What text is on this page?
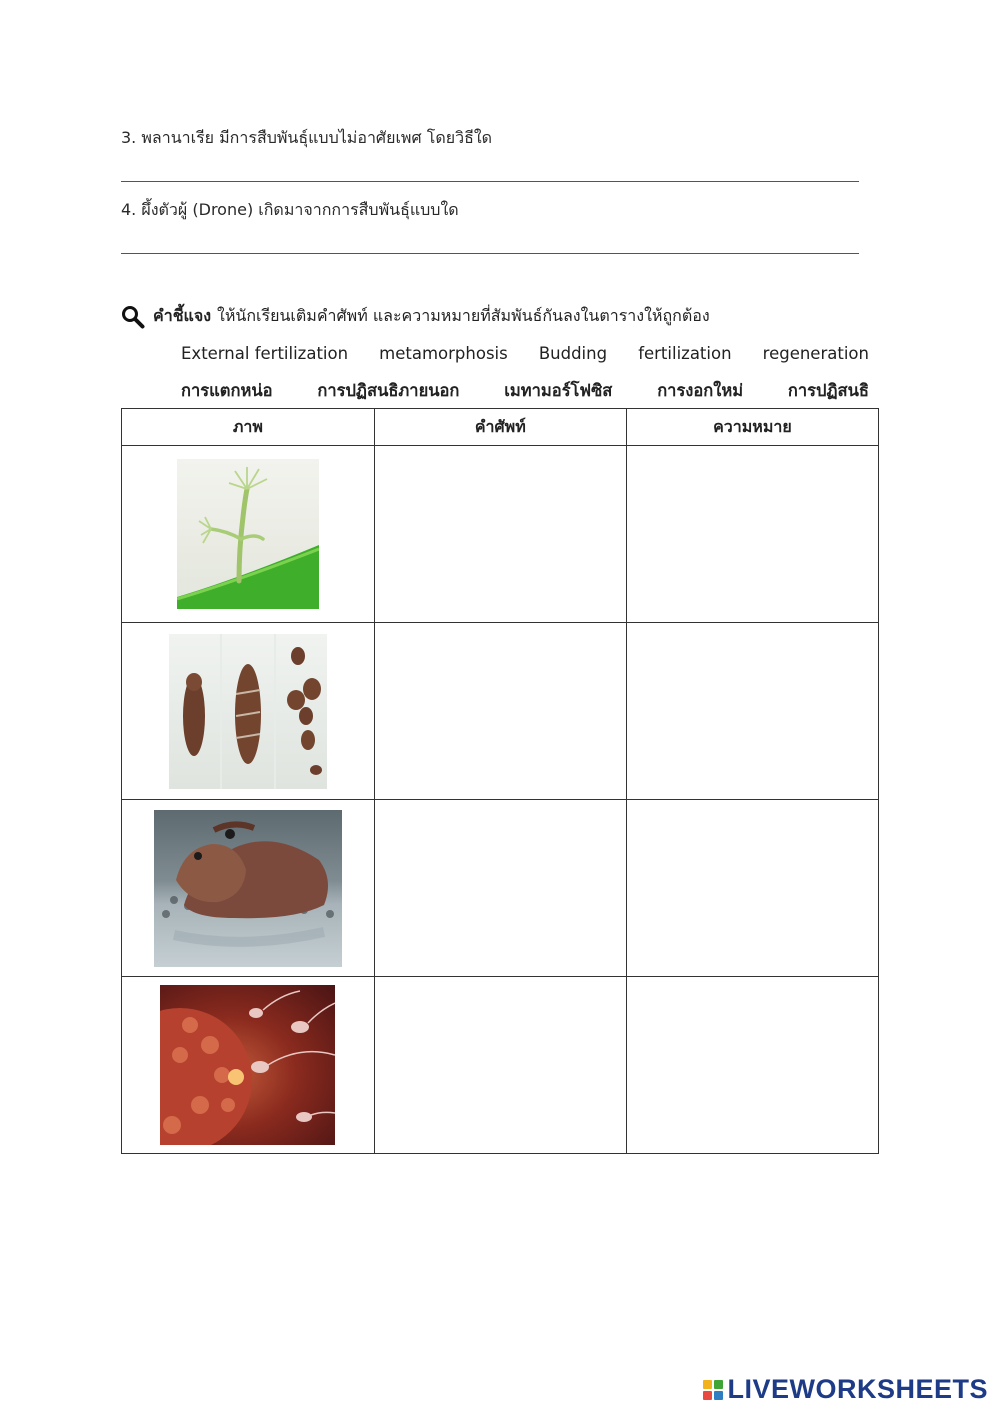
3. พลานาเรีย มีการสืบพันธุ์แบบไม่อาศัยเพศ โดยวิธีใด
4. ผึ้งตัวผู้ (Drone) เกิดมาจากการสืบพันธุ์แบบใด
คำชี้แจง ให้นักเรียนเติมคำศัพท์ และความหมายที่สัมพันธ์กันลงในตารางให้ถูกต้อง
External fertilization metamorphosis Budding fertilization regeneration
การแตกหน่อ	การปฏิสนธิภายนอก	เมทามอร์โฟซิส	การงอกใหม่	การปฏิสนธิ
ภาพ	คำศัพท์	ความหมาย

LIVEWORKSHEETS
